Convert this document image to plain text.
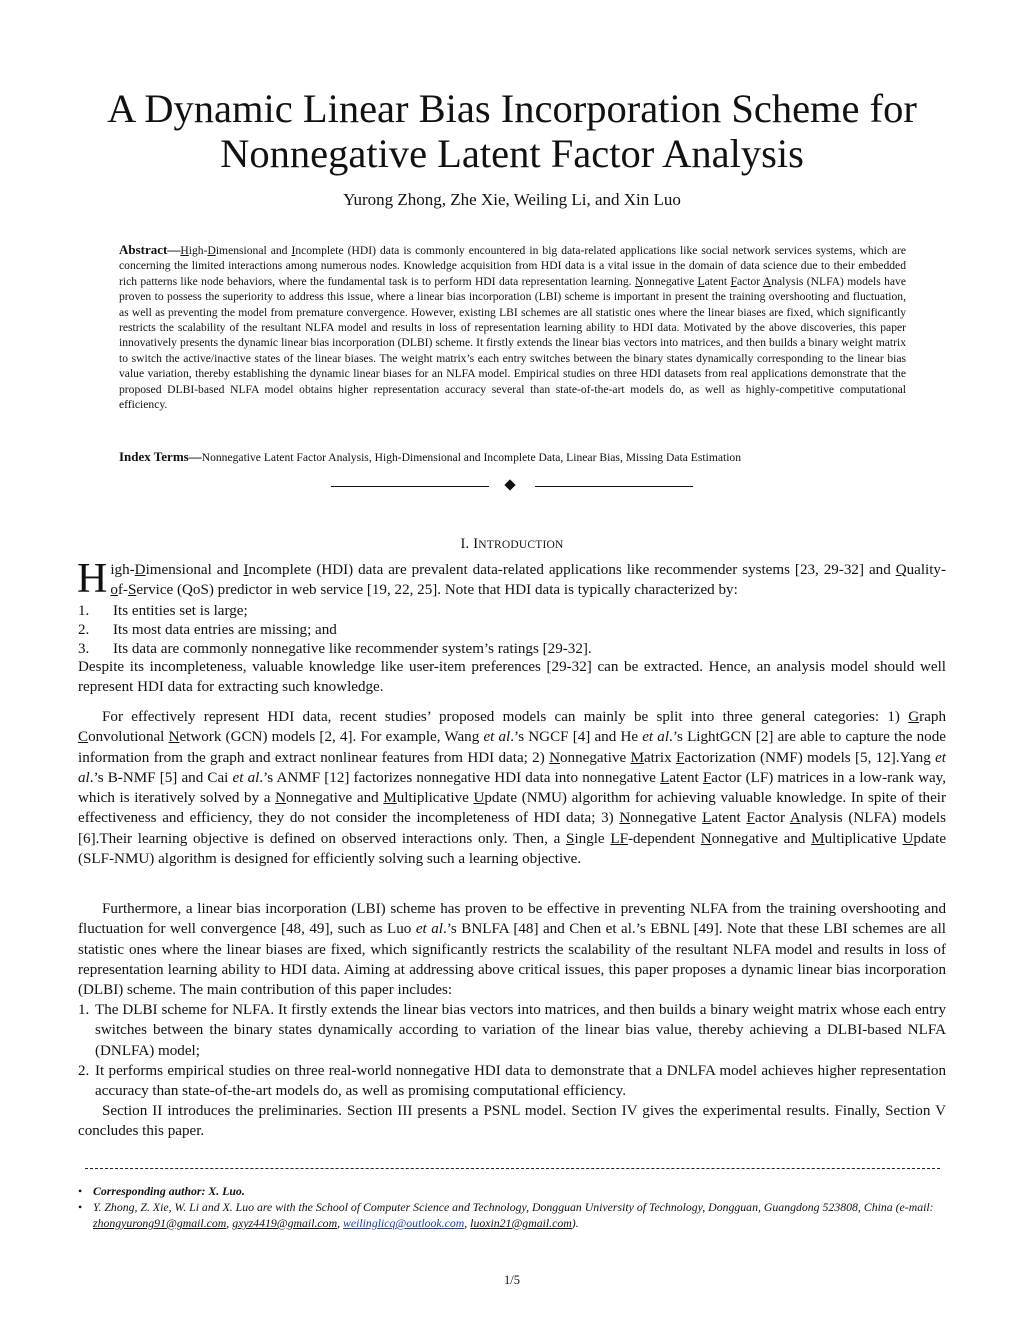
A Dynamic Linear Bias Incorporation Scheme for
Nonnegative Latent Factor Analysis
Yurong Zhong, Zhe Xie, Weiling Li, and Xin Luo

Abstract—High-Dimensional and Incomplete (HDI) data is commonly encountered in big data-related applications like social network services systems, which are concerning the limited interactions among numerous nodes. Knowledge acquisition from HDI data is a vital issue in the domain of data science due to their embedded rich patterns like node behaviors, where the fundamental task is to perform HDI data representation learning. Nonnegative Latent Factor Analysis (NLFA) models have proven to possess the superiority to address this issue, where a linear bias incorporation (LBI) scheme is important in present the training overshooting and fluctuation, as well as preventing the model from premature convergence. However, existing LBI schemes are all statistic ones where the linear biases are fixed, which significantly restricts the scalability of the resultant NLFA model and results in loss of representation learning ability to HDI data. Motivated by the above discoveries, this paper innovatively presents the dynamic linear bias incorporation (DLBI) scheme. It firstly extends the linear bias vectors into matrices, and then builds a binary weight matrix to switch the active/inactive states of the linear biases. The weight matrix’s each entry switches between the binary states dynamically corresponding to the linear bias value variation, thereby establishing the dynamic linear biases for an NLFA model. Empirical studies on three HDI datasets from real applications demonstrate that the proposed DLBI-based NLFA model obtains higher representation accuracy several than state-of-the-art models do, as well as highly-competitive computational efficiency.

Index Terms—Nonnegative Latent Factor Analysis, High-Dimensional and Incomplete Data, Linear Bias, Missing Data Estimation

I. INTRODUCTION

High-Dimensional and Incomplete (HDI) data are prevalent data-related applications like recommender systems [23, 29-32] and Quality-of-Service (QoS) predictor in web service [19, 22, 25]. Note that HDI data is typically characterized by:

1. Its entities set is large;
2. Its most data entries are missing; and
3. Its data are commonly nonnegative like recommender system’s ratings [29-32].

Despite its incompleteness, valuable knowledge like user-item preferences [29-32] can be extracted. Hence, an analysis model should well represent HDI data for extracting such knowledge.

For effectively represent HDI data, recent studies’ proposed models can mainly be split into three general categories: 1) Graph Convolutional Network (GCN) models [2, 4]. For example, Wang et al.’s NGCF [4] and He et al.’s LightGCN [2] are able to capture the node information from the graph and extract nonlinear features from HDI data; 2) Nonnegative Matrix Factorization (NMF) models [5, 12].Yang et al.’s B-NMF [5] and Cai et al.’s ANMF [12] factorizes nonnegative HDI data into nonnegative Latent Factor (LF) matrices in a low-rank way, which is iteratively solved by a Nonnegative and Multiplicative Update (NMU) algorithm for achieving valuable knowledge. In spite of their effectiveness and efficiency, they do not consider the incompleteness of HDI data; 3) Nonnegative Latent Factor Analysis (NLFA) models [6].Their learning objective is defined on observed interactions only. Then, a Single LF-dependent Nonnegative and Multiplicative Update (SLF-NMU) algorithm is designed for efficiently solving such a learning objective.

Furthermore, a linear bias incorporation (LBI) scheme has proven to be effective in preventing NLFA from the training overshooting and fluctuation for well convergence [48, 49], such as Luo et al.’s BNLFA [48] and Chen et al.’s EBNL [49]. Note that these LBI schemes are all statistic ones where the linear biases are fixed, which significantly restricts the scalability of the resultant NLFA model and results in loss of representation learning ability to HDI data. Aiming at addressing above critical issues, this paper proposes a dynamic linear bias incorporation (DLBI) scheme. The main contribution of this paper includes:

1. The DLBI scheme for NLFA. It firstly extends the linear bias vectors into matrices, and then builds a binary weight matrix whose each entry switches between the binary states dynamically according to variation of the linear bias value, thereby achieving a DLBI-based NLFA (DNLFA) model;
2. It performs empirical studies on three real-world nonnegative HDI data to demonstrate that a DNLFA model achieves higher representation accuracy than state-of-the-art models do, as well as promising computational efficiency.

Section II introduces the preliminaries. Section III presents a PSNL model. Section IV gives the experimental results. Finally, Section V concludes this paper.

• Corresponding author: X. Luo.
• Y. Zhong, Z. Xie, W. Li and X. Luo are with the School of Computer Science and Technology, Dongguan University of Technology, Dongguan, Guangdong 523808, China (e-mail: zhongyurong91@gmail.com, gxyz4419@gmail.com, weilinglicq@outlook.com, luoxin21@gmail.com).
1/5
